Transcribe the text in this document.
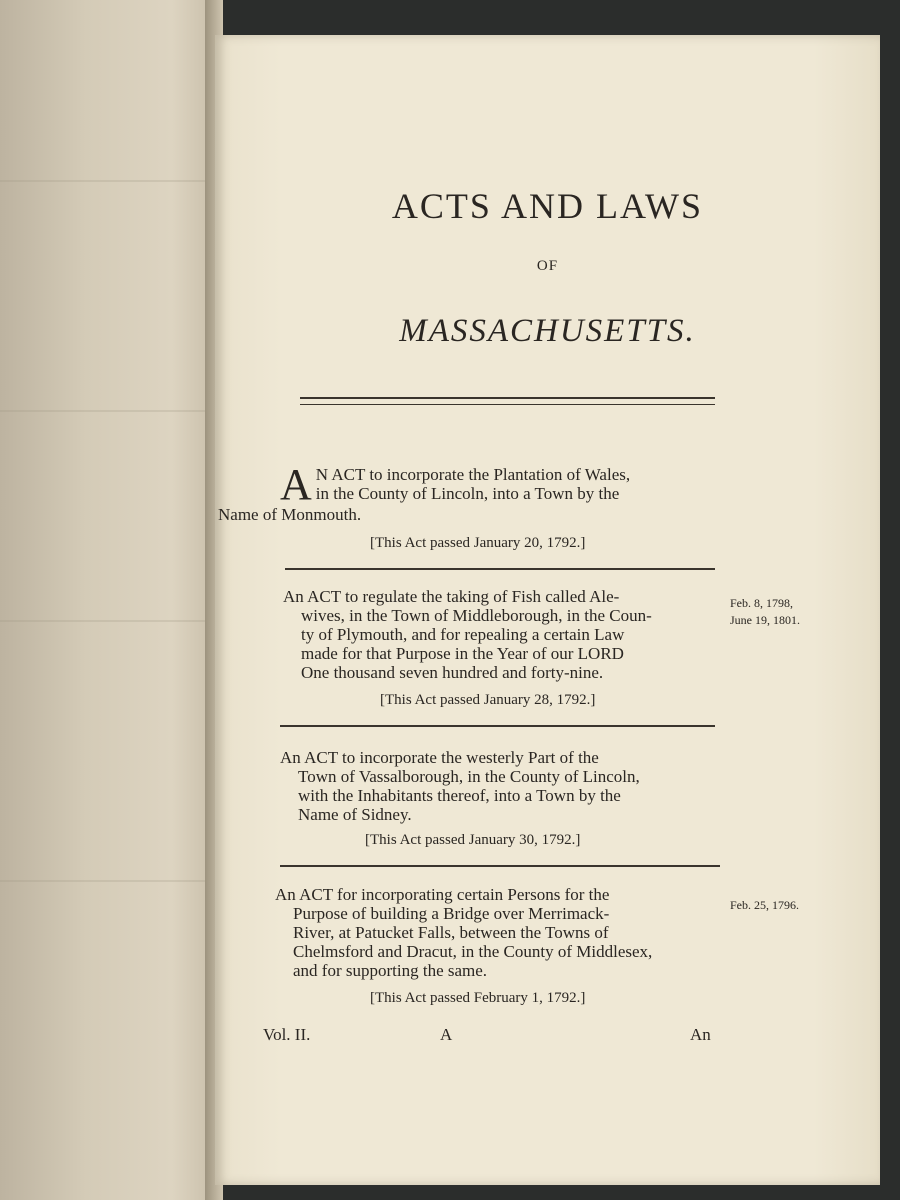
ACTS AND LAWS
OF
MASSACHUSETTS.
A N ACT to incorporate the Plantation of Wales,
in the County of Lincoln, into a Town by the
Name of Monmouth.
[This Act passed January 20, 1792.]
An ACT to regulate the taking of Fish called Ale-
wives, in the Town of Middleborough, in the Coun-
ty of Plymouth, and for repealing a certain Law
made for that Purpose in the Year of our LORD
One thousand seven hundred and forty-nine.
Feb. 8, 1798,
June 19, 1801.
[This Act passed January 28, 1792.]
An ACT to incorporate the westerly Part of the
Town of Vassalborough, in the County of Lincoln,
with the Inhabitants thereof, into a Town by the
Name of Sidney.
[This Act passed January 30, 1792.]
An ACT for incorporating certain Persons for the
Purpose of building a Bridge over Merrimack-
River, at Patucket Falls, between the Towns of
Chelmsford and Dracut, in the County of Middlesex,
and for supporting the same.
Feb. 25, 1796.
[This Act passed February 1, 1792.]
Vol. II.	A	An
